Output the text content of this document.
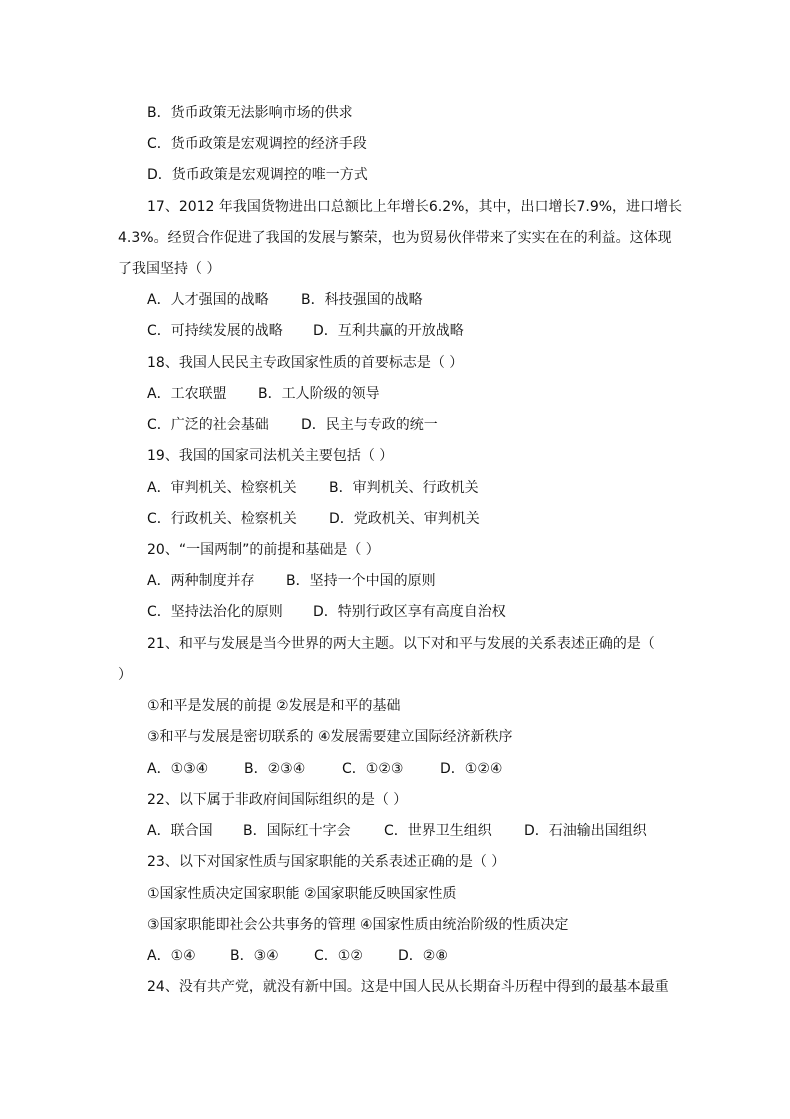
B．货币政策无法影响市场的供求
C．货币政策是宏观调控的经济手段
D．货币政策是宏观调控的唯一方式
17、2012 年我国货物进出口总额比上年增长6.2%，其中，出口增长7.9%，进口增长
4.3%。经贸合作促进了我国的发展与繁荣，也为贸易伙伴带来了实实在在的利益。这体现
了我国坚持（ ）
A．人才强国的战略 B．科技强国的战略
C．可持续发展的战略 D．互利共赢的开放战略
18、我国人民民主专政国家性质的首要标志是（ ）
A．工农联盟 B．工人阶级的领导
C．广泛的社会基础 D．民主与专政的统一
19、我国的国家司法机关主要包括（ ）
A．审判机关、检察机关 B．审判机关、行政机关
C．行政机关、检察机关 D．党政机关、审判机关
20、“一国两制”的前提和基础是（ ）
A．两种制度并存 B．坚持一个中国的原则
C．坚持法治化的原则 D．特别行政区享有高度自治权
21、和平与发展是当今世界的两大主题。以下对和平与发展的关系表述正确的是（
）
①和平是发展的前提 ②发展是和平的基础
③和平与发展是密切联系的 ④发展需要建立国际经济新秩序
A．①③④	B．②③④	C．①②③	D．①②④
22、以下属于非政府间国际组织的是（ ）
A．联合国 B．国际红十字会 C．世界卫生组织 D．石油输出国组织
23、以下对国家性质与国家职能的关系表述正确的是（ ）
①国家性质决定国家职能 ②国家职能反映国家性质
③国家职能即社会公共事务的管理 ④国家性质由统治阶级的性质决定
A．①④ B．③④	C．①②	D．②⑧
24、没有共产党，就没有新中国。这是中国人民从长期奋斗历程中得到的最基本最重
